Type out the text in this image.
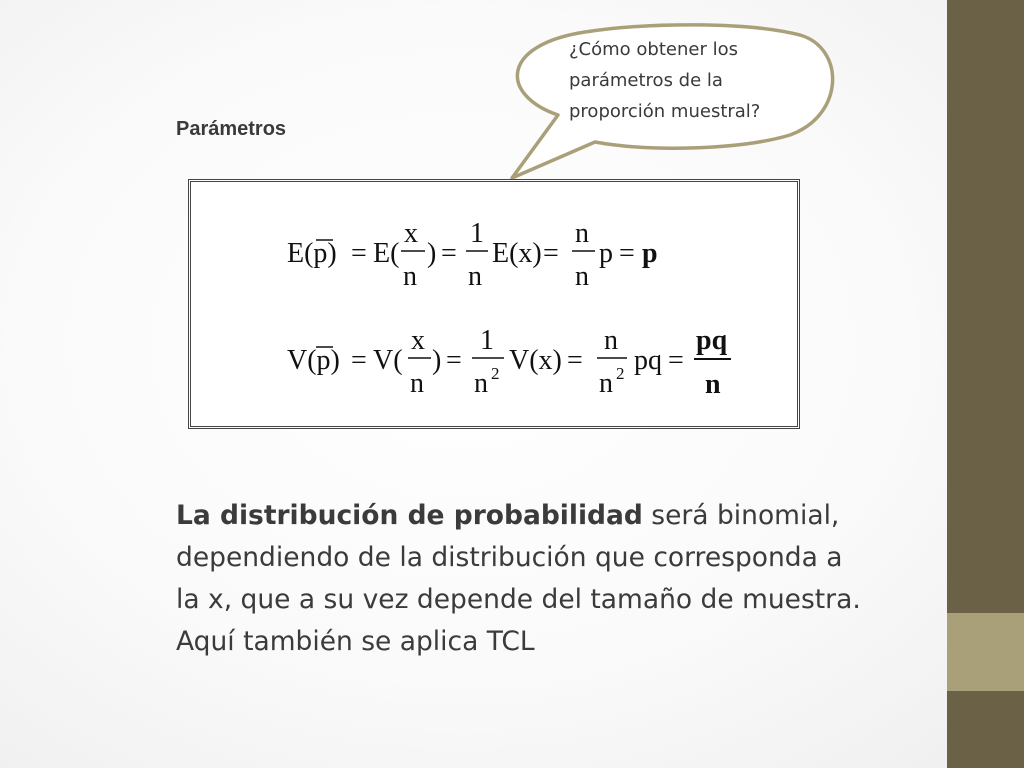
¿Cómo obtener los
parámetros de la
proporción muestral?
Parámetros
E(p) = E(
x
n
) =
1
n
E(x) =
n
n
p = p
V(p) = V(
x
n
) =
1
n 2 V(x) =
n
n 2 pq =
pq
n
La distribución de probabilidad será binomial, dependiendo de la distribución que corresponda a la x, que a su vez depende del tamaño de muestra. Aquí también se aplica TCL
